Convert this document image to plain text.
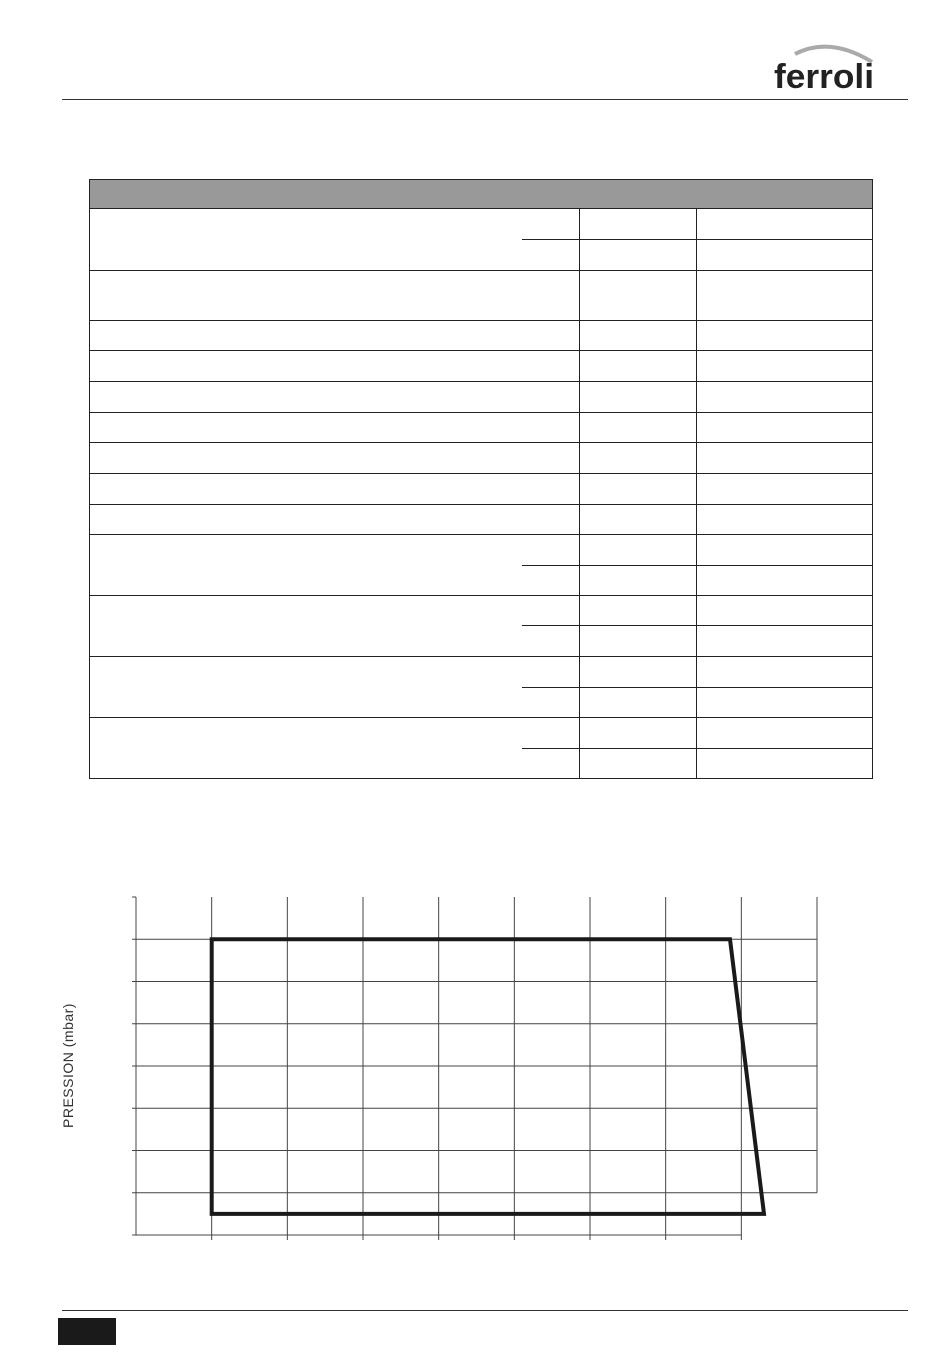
ferroli

PRESSION (mbar)
